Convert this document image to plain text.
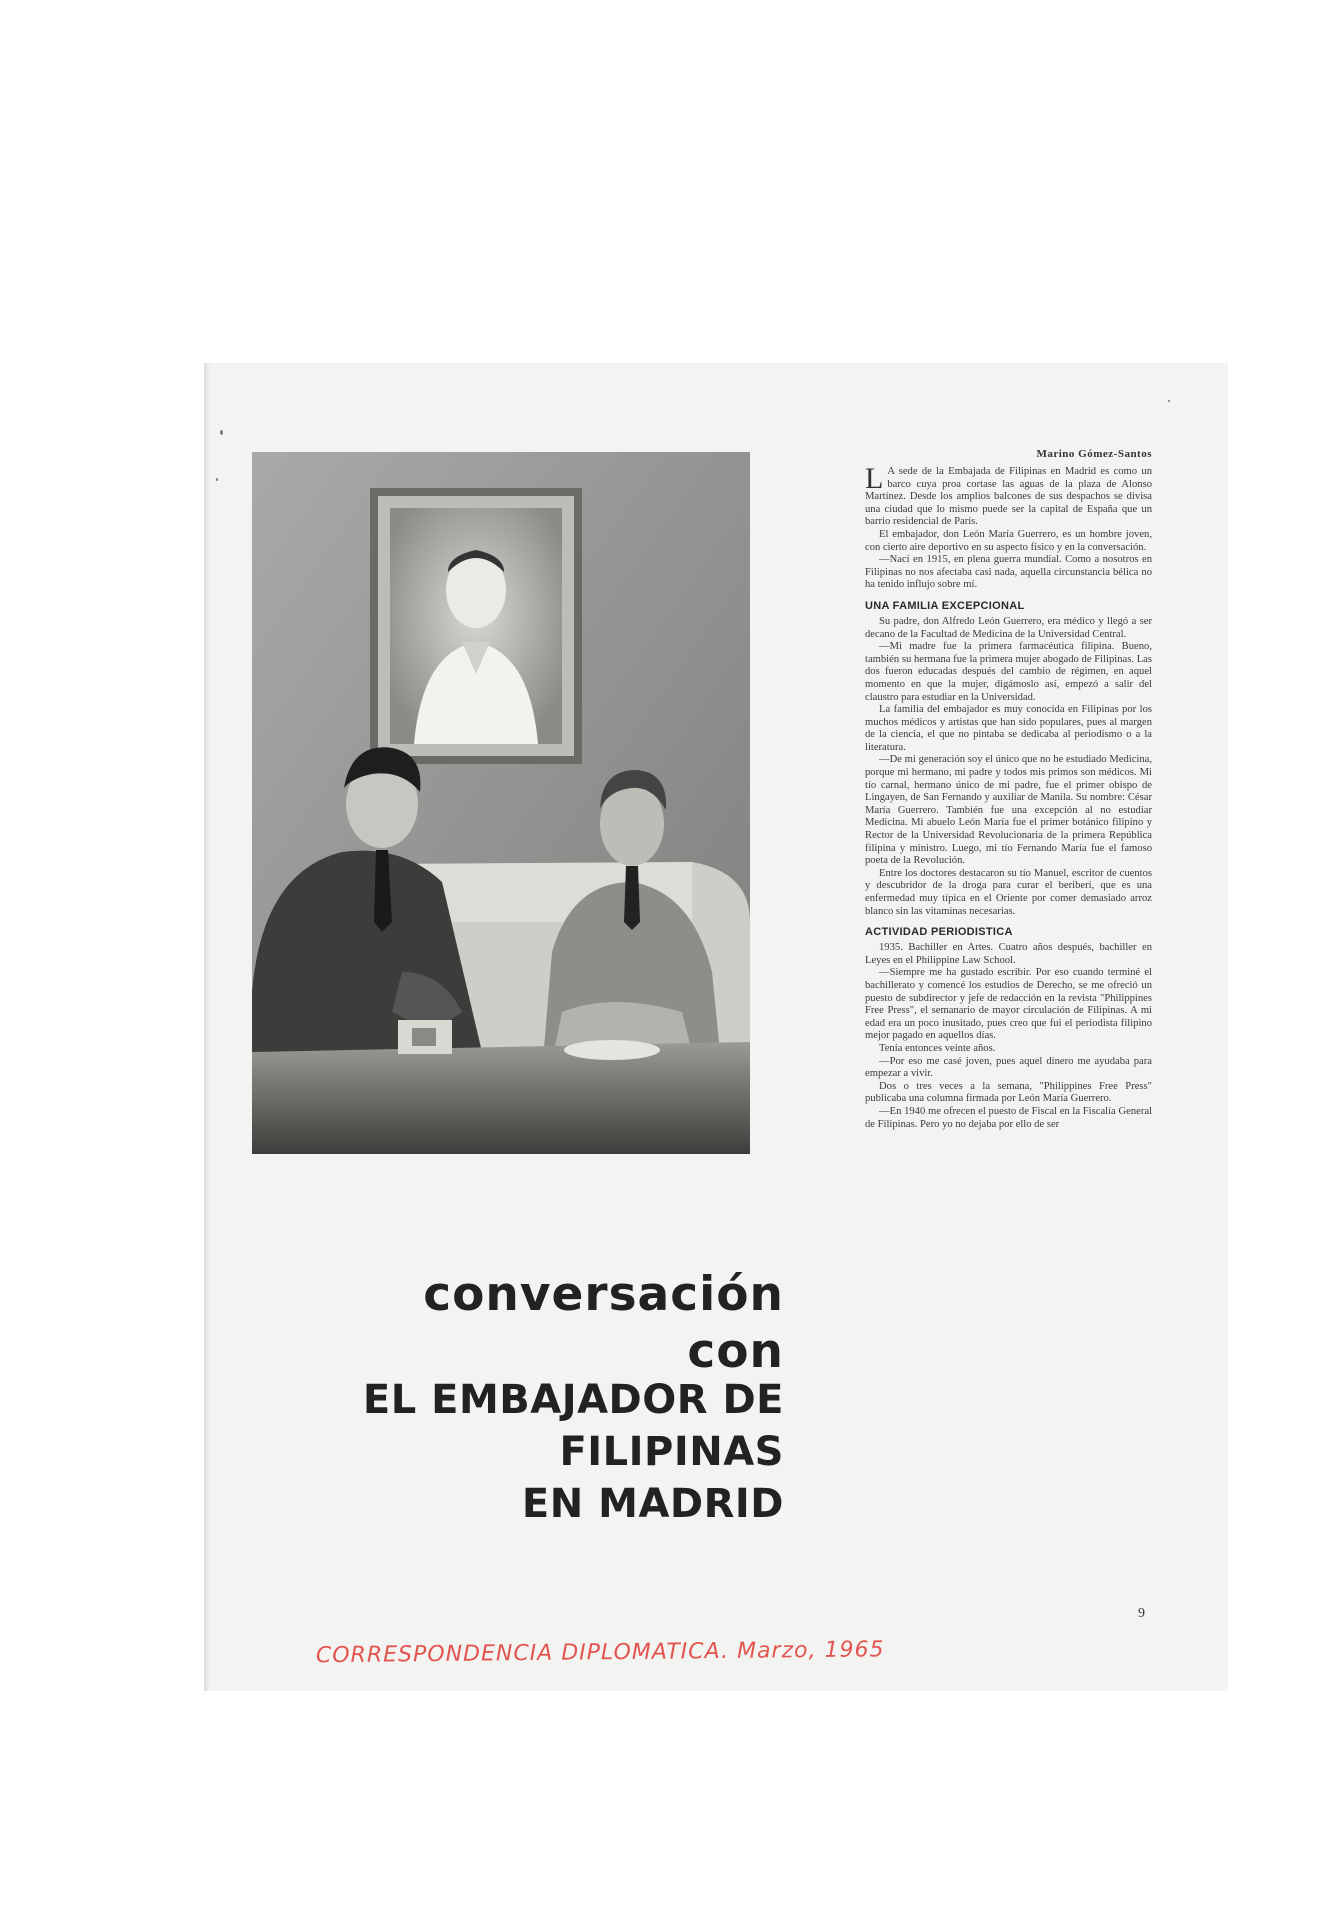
conversación
con
EL EMBAJADOR DE
FILIPINAS
EN MADRID
Marino Gómez-Santos

L A sede de la Embajada de Filipinas en Madrid es como un barco cuya proa cortase las aguas de la plaza de Alonso Martínez. Desde los amplios balcones de sus despachos se divisa una ciudad que lo mismo puede ser la capital de España que un barrio residencial de París.

El embajador, don León María Guerrero, es un hombre joven, con cierto aire deportivo en su aspecto físico y en la conversación.

—Nací en 1915, en plena guerra mundial. Como a nosotros en Filipinas no nos afectaba casi nada, aquella circunstancia bélica no ha tenido influjo sobre mí.

UNA FAMILIA EXCEPCIONAL

Su padre, don Alfredo León Guerrero, era médico y llegó a ser decano de la Facultad de Medicina de la Universidad Central.

—Mi madre fue la primera farmacéutica filipina. Bueno, también su hermana fue la primera mujer abogado de Filipinas. Las dos fueron educadas después del cambio de régimen, en aquel momento en que la mujer, digámoslo así, empezó a salir del claustro para estudiar en la Universidad.

La familia del embajador es muy conocida en Filipinas por los muchos médicos y artistas que han sido populares, pues al margen de la ciencia, el que no pintaba se dedicaba al periodismo o a la literatura.

—De mi generación soy el único que no he estudiado Medicina, porque mi hermano, mi padre y todos mis primos son médicos. Mi tío carnal, hermano único de mi padre, fue el primer obispo de Lingayen, de San Fernando y auxiliar de Manila. Su nombre: César María Guerrero. También fue una excepción al no estudiar Medicina. Mi abuelo León María fue el primer botánico filipino y Rector de la Universidad Revolucionaria de la primera República filipina y ministro. Luego, mi tío Fernando María fue el famoso poeta de la Revolución.

Entre los doctores destacaron su tío Manuel, escritor de cuentos y descubridor de la droga para curar el beriberi, que es una enfermedad muy típica en el Oriente por comer demasiado arroz blanco sin las vitaminas necesarias.

ACTIVIDAD PERIODISTICA

1935. Bachiller en Artes. Cuatro años después, bachiller en Leyes en el Philippine Law School.

—Siempre me ha gustado escribir. Por eso cuando terminé el bachillerato y comencé los estudios de Derecho, se me ofreció un puesto de subdirector y jefe de redacción en la revista "Philippines Free Press", el semanario de mayor circulación de Filipinas. A mi edad era un poco inusitado, pues creo que fui el periodista filipino mejor pagado en aquellos días.

Tenía entonces veinte años.

—Por eso me casé joven, pues aquel dinero me ayudaba para empezar a vivir.

Dos o tres veces a la semana, "Philippines Free Press" publicaba una columna firmada por León María Guerrero.

—En 1940 me ofrecen el puesto de Fiscal en la Fiscalía General de Filipinas. Pero yo no dejaba por ello de ser

9
CORRESPONDENCIA DIPLOMATICA. Marzo, 1965
